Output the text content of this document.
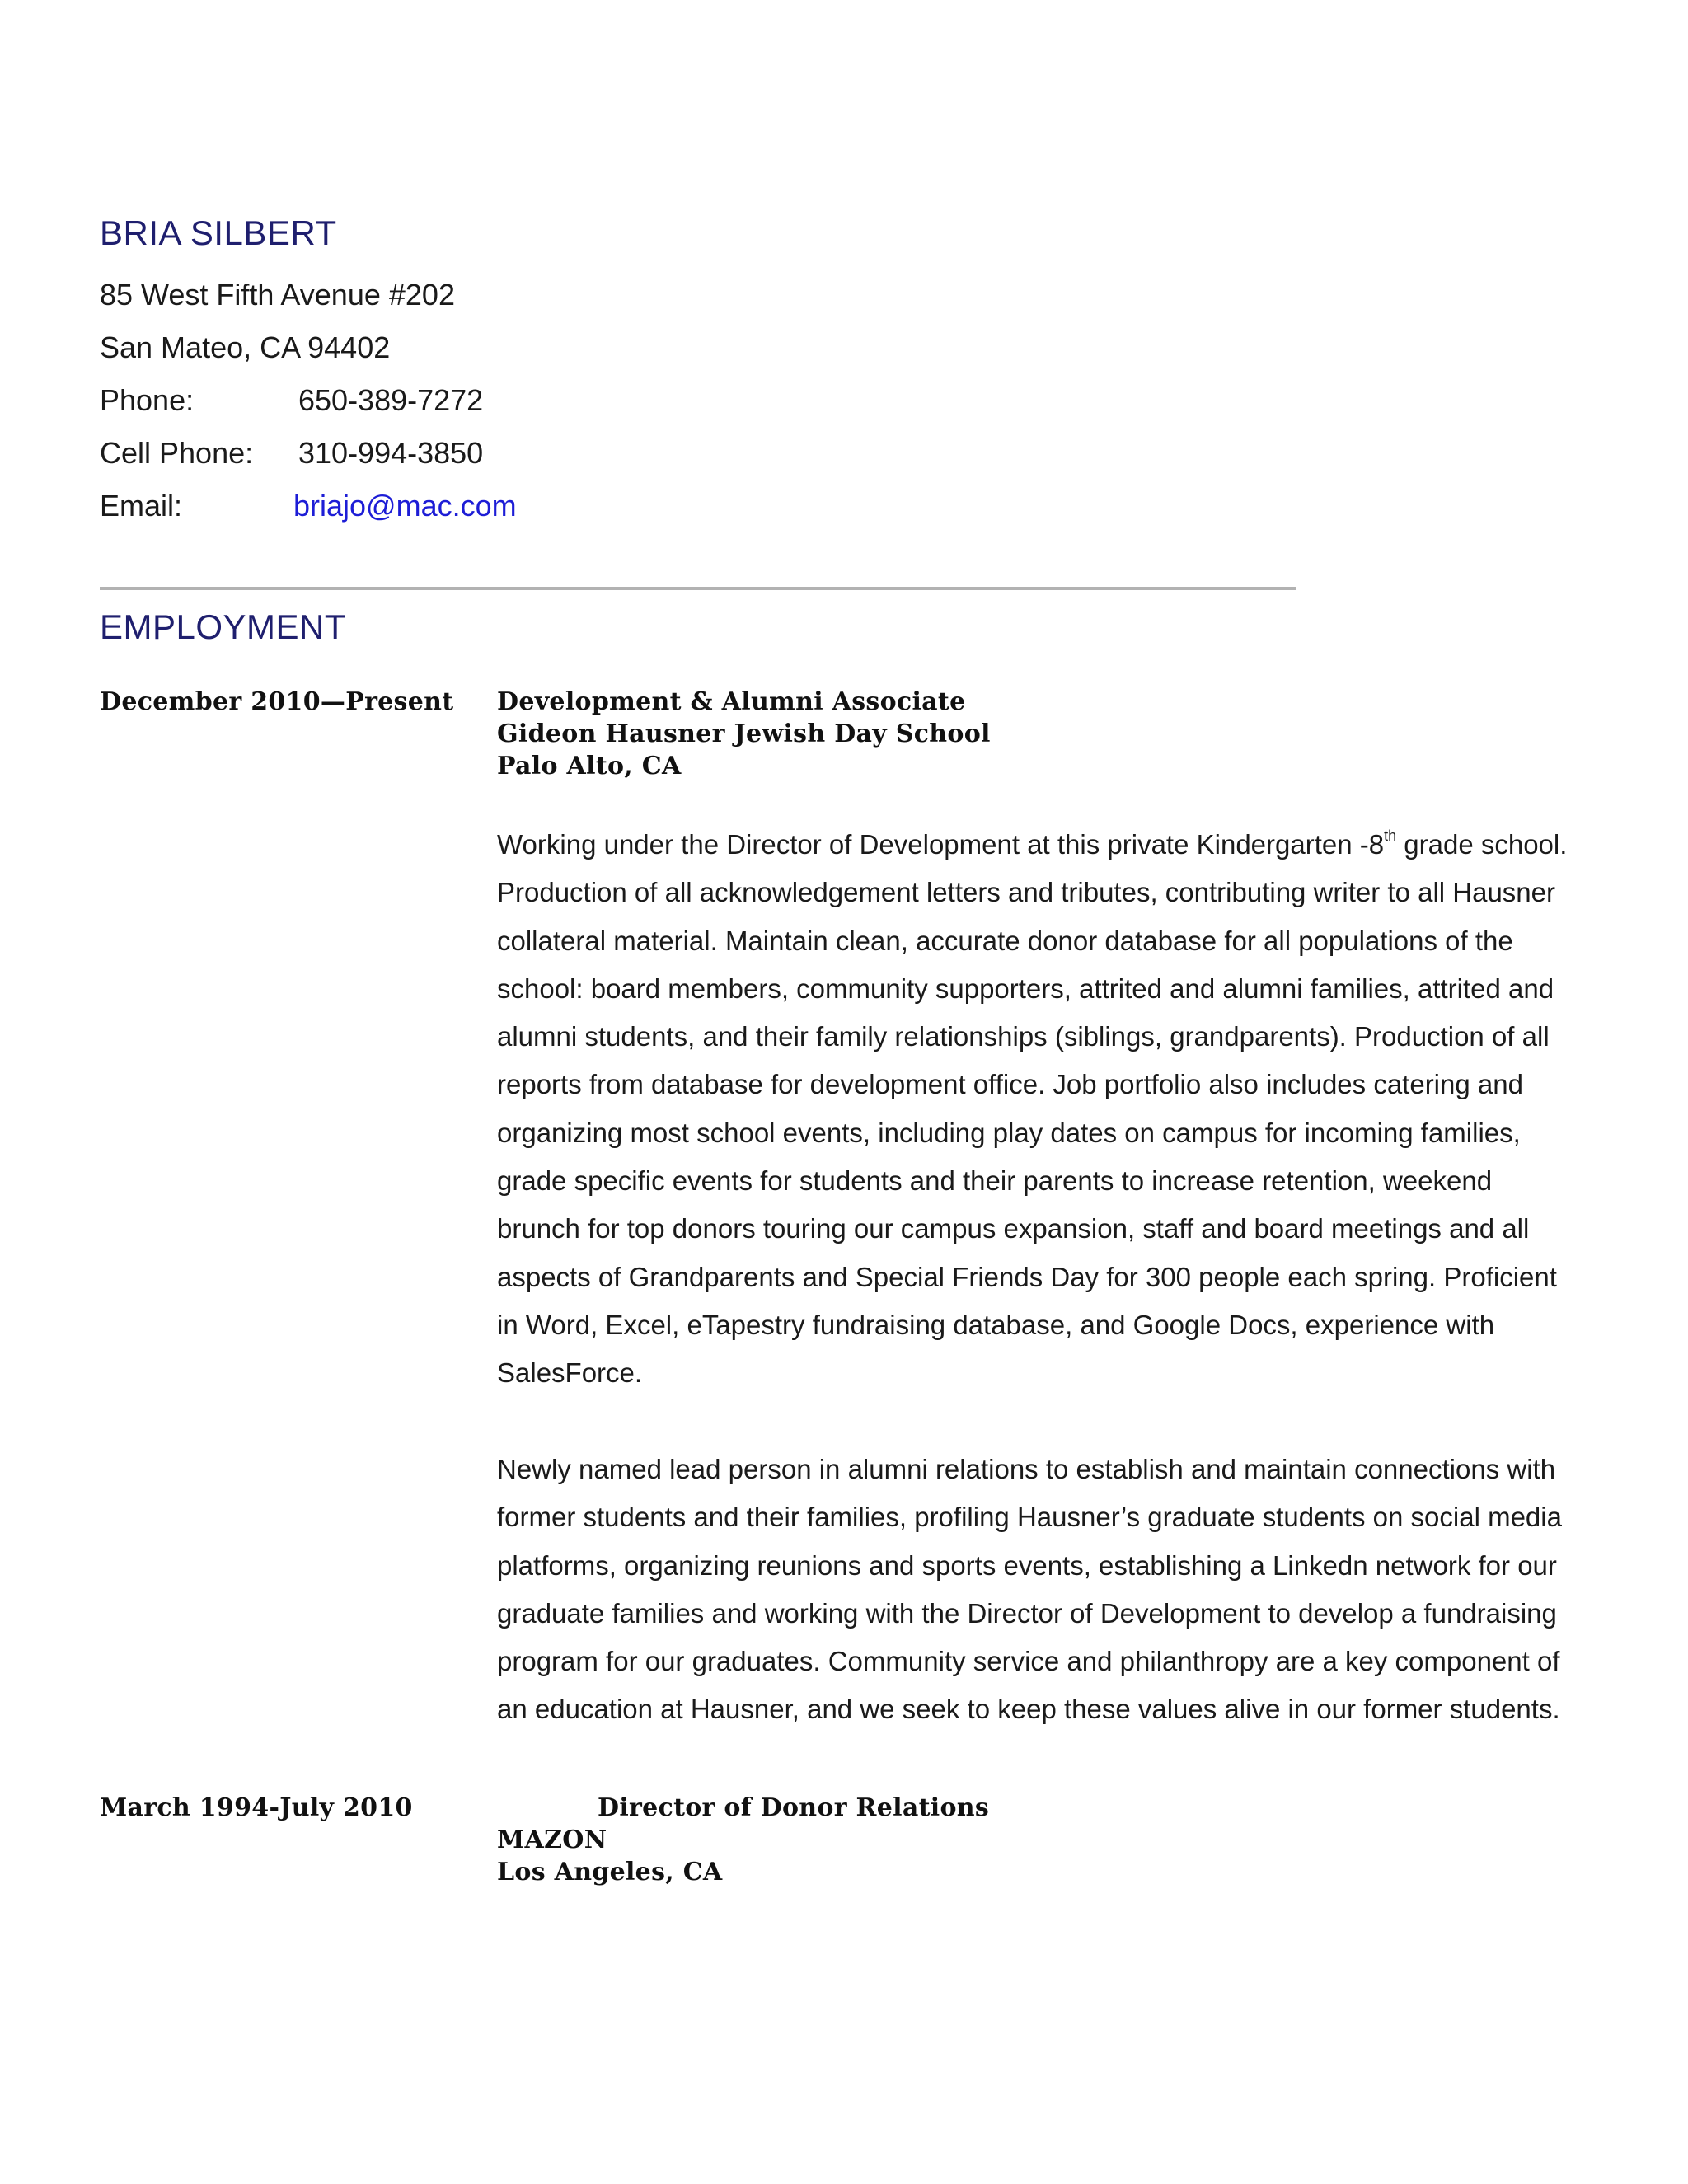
BRIA SILBERT
85 West Fifth Avenue #202
San Mateo, CA 94402
Phone:	650-389-7272
Cell Phone: 310-994-3850
Email:	briajo@mac.com
EMPLOYMENT
December 2010—Present Development & Alumni Associate
Gideon Hausner Jewish Day School
Palo Alto, CA
Working under the Director of Development at this private Kindergarten -8th grade school.
Production of all acknowledgement letters and tributes, contributing writer to all Hausner
collateral material. Maintain clean, accurate donor database for all populations of the
school: board members, community supporters, attrited and alumni families, attrited and
alumni students, and their family relationships (siblings, grandparents). Production of all
reports from database for development office. Job portfolio also includes catering and
organizing most school events, including play dates on campus for incoming families,
grade specific events for students and their parents to increase retention, weekend
brunch for top donors touring our campus expansion, staff and board meetings and all
aspects of Grandparents and Special Friends Day for 300 people each spring. Proficient
in Word, Excel, eTapestry fundraising database, and Google Docs, experience with
SalesForce.
Newly named lead person in alumni relations to establish and maintain connections with
former students and their families, profiling Hausner’s graduate students on social media
platforms, organizing reunions and sports events, establishing a Linkedn network for our
graduate families and working with the Director of Development to develop a fundraising
program for our graduates. Community service and philanthropy are a key component of
an education at Hausner, and we seek to keep these values alive in our former students.
March 1994-July 2010	Director of Donor Relations
MAZON
Los Angeles, CA
